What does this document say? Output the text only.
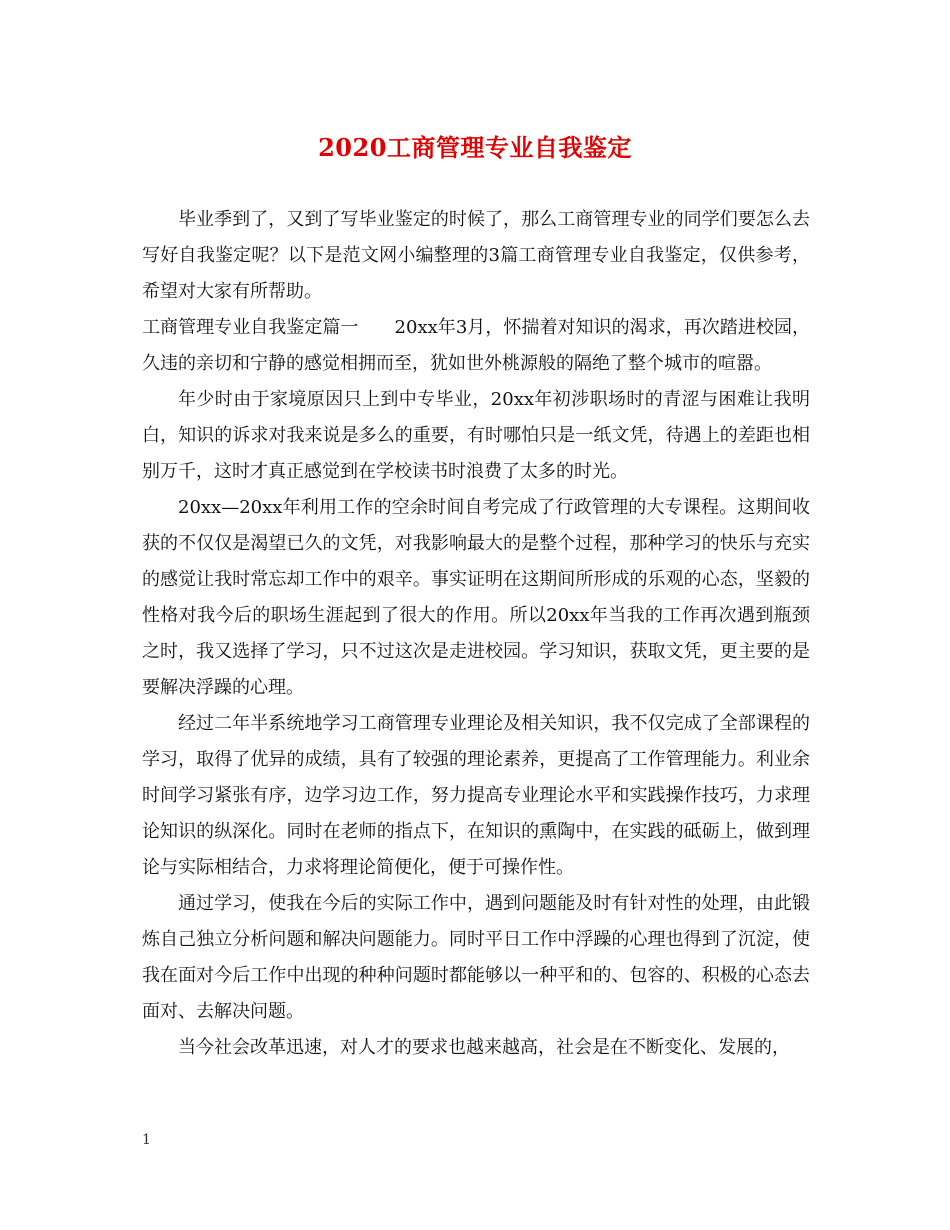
2020工商管理专业自我鉴定

毕业季到了，又到了写毕业鉴定的时候了，那么工商管理专业的同学们要怎么去写好自我鉴定呢？以下是范文网小编整理的3篇工商管理专业自我鉴定，仅供参考，希望对大家有所帮助。

工商管理专业自我鉴定篇一　　20xx年3月，怀揣着对知识的渴求，再次踏进校园，久违的亲切和宁静的感觉相拥而至，犹如世外桃源般的隔绝了整个城市的喧嚣。

年少时由于家境原因只上到中专毕业，20xx年初涉职场时的青涩与困难让我明白，知识的诉求对我来说是多么的重要，有时哪怕只是一纸文凭，待遇上的差距也相别万千，这时才真正感觉到在学校读书时浪费了太多的时光。

20xx—20xx年利用工作的空余时间自考完成了行政管理的大专课程。这期间收获的不仅仅是渴望已久的文凭，对我影响最大的是整个过程，那种学习的快乐与充实的感觉让我时常忘却工作中的艰辛。事实证明在这期间所形成的乐观的心态，坚毅的性格对我今后的职场生涯起到了很大的作用。所以20xx年当我的工作再次遇到瓶颈之时，我又选择了学习，只不过这次是走进校园。学习知识，获取文凭，更主要的是要解决浮躁的心理。

经过二年半系统地学习工商管理专业理论及相关知识，我不仅完成了全部课程的学习，取得了优异的成绩，具有了较强的理论素养，更提高了工作管理能力。利业余时间学习紧张有序，边学习边工作，努力提高专业理论水平和实践操作技巧，力求理论知识的纵深化。同时在老师的指点下，在知识的熏陶中，在实践的砥砺上，做到理论与实际相结合，力求将理论简便化，便于可操作性。

通过学习，使我在今后的实际工作中，遇到问题能及时有针对性的处理，由此锻炼自己独立分析问题和解决问题能力。同时平日工作中浮躁的心理也得到了沉淀，使我在面对今后工作中出现的种种问题时都能够以一种平和的、包容的、积极的心态去面对、去解决问题。

当今社会改革迅速，对人才的要求也越来越高，社会是在不断变化、发展的，

1
